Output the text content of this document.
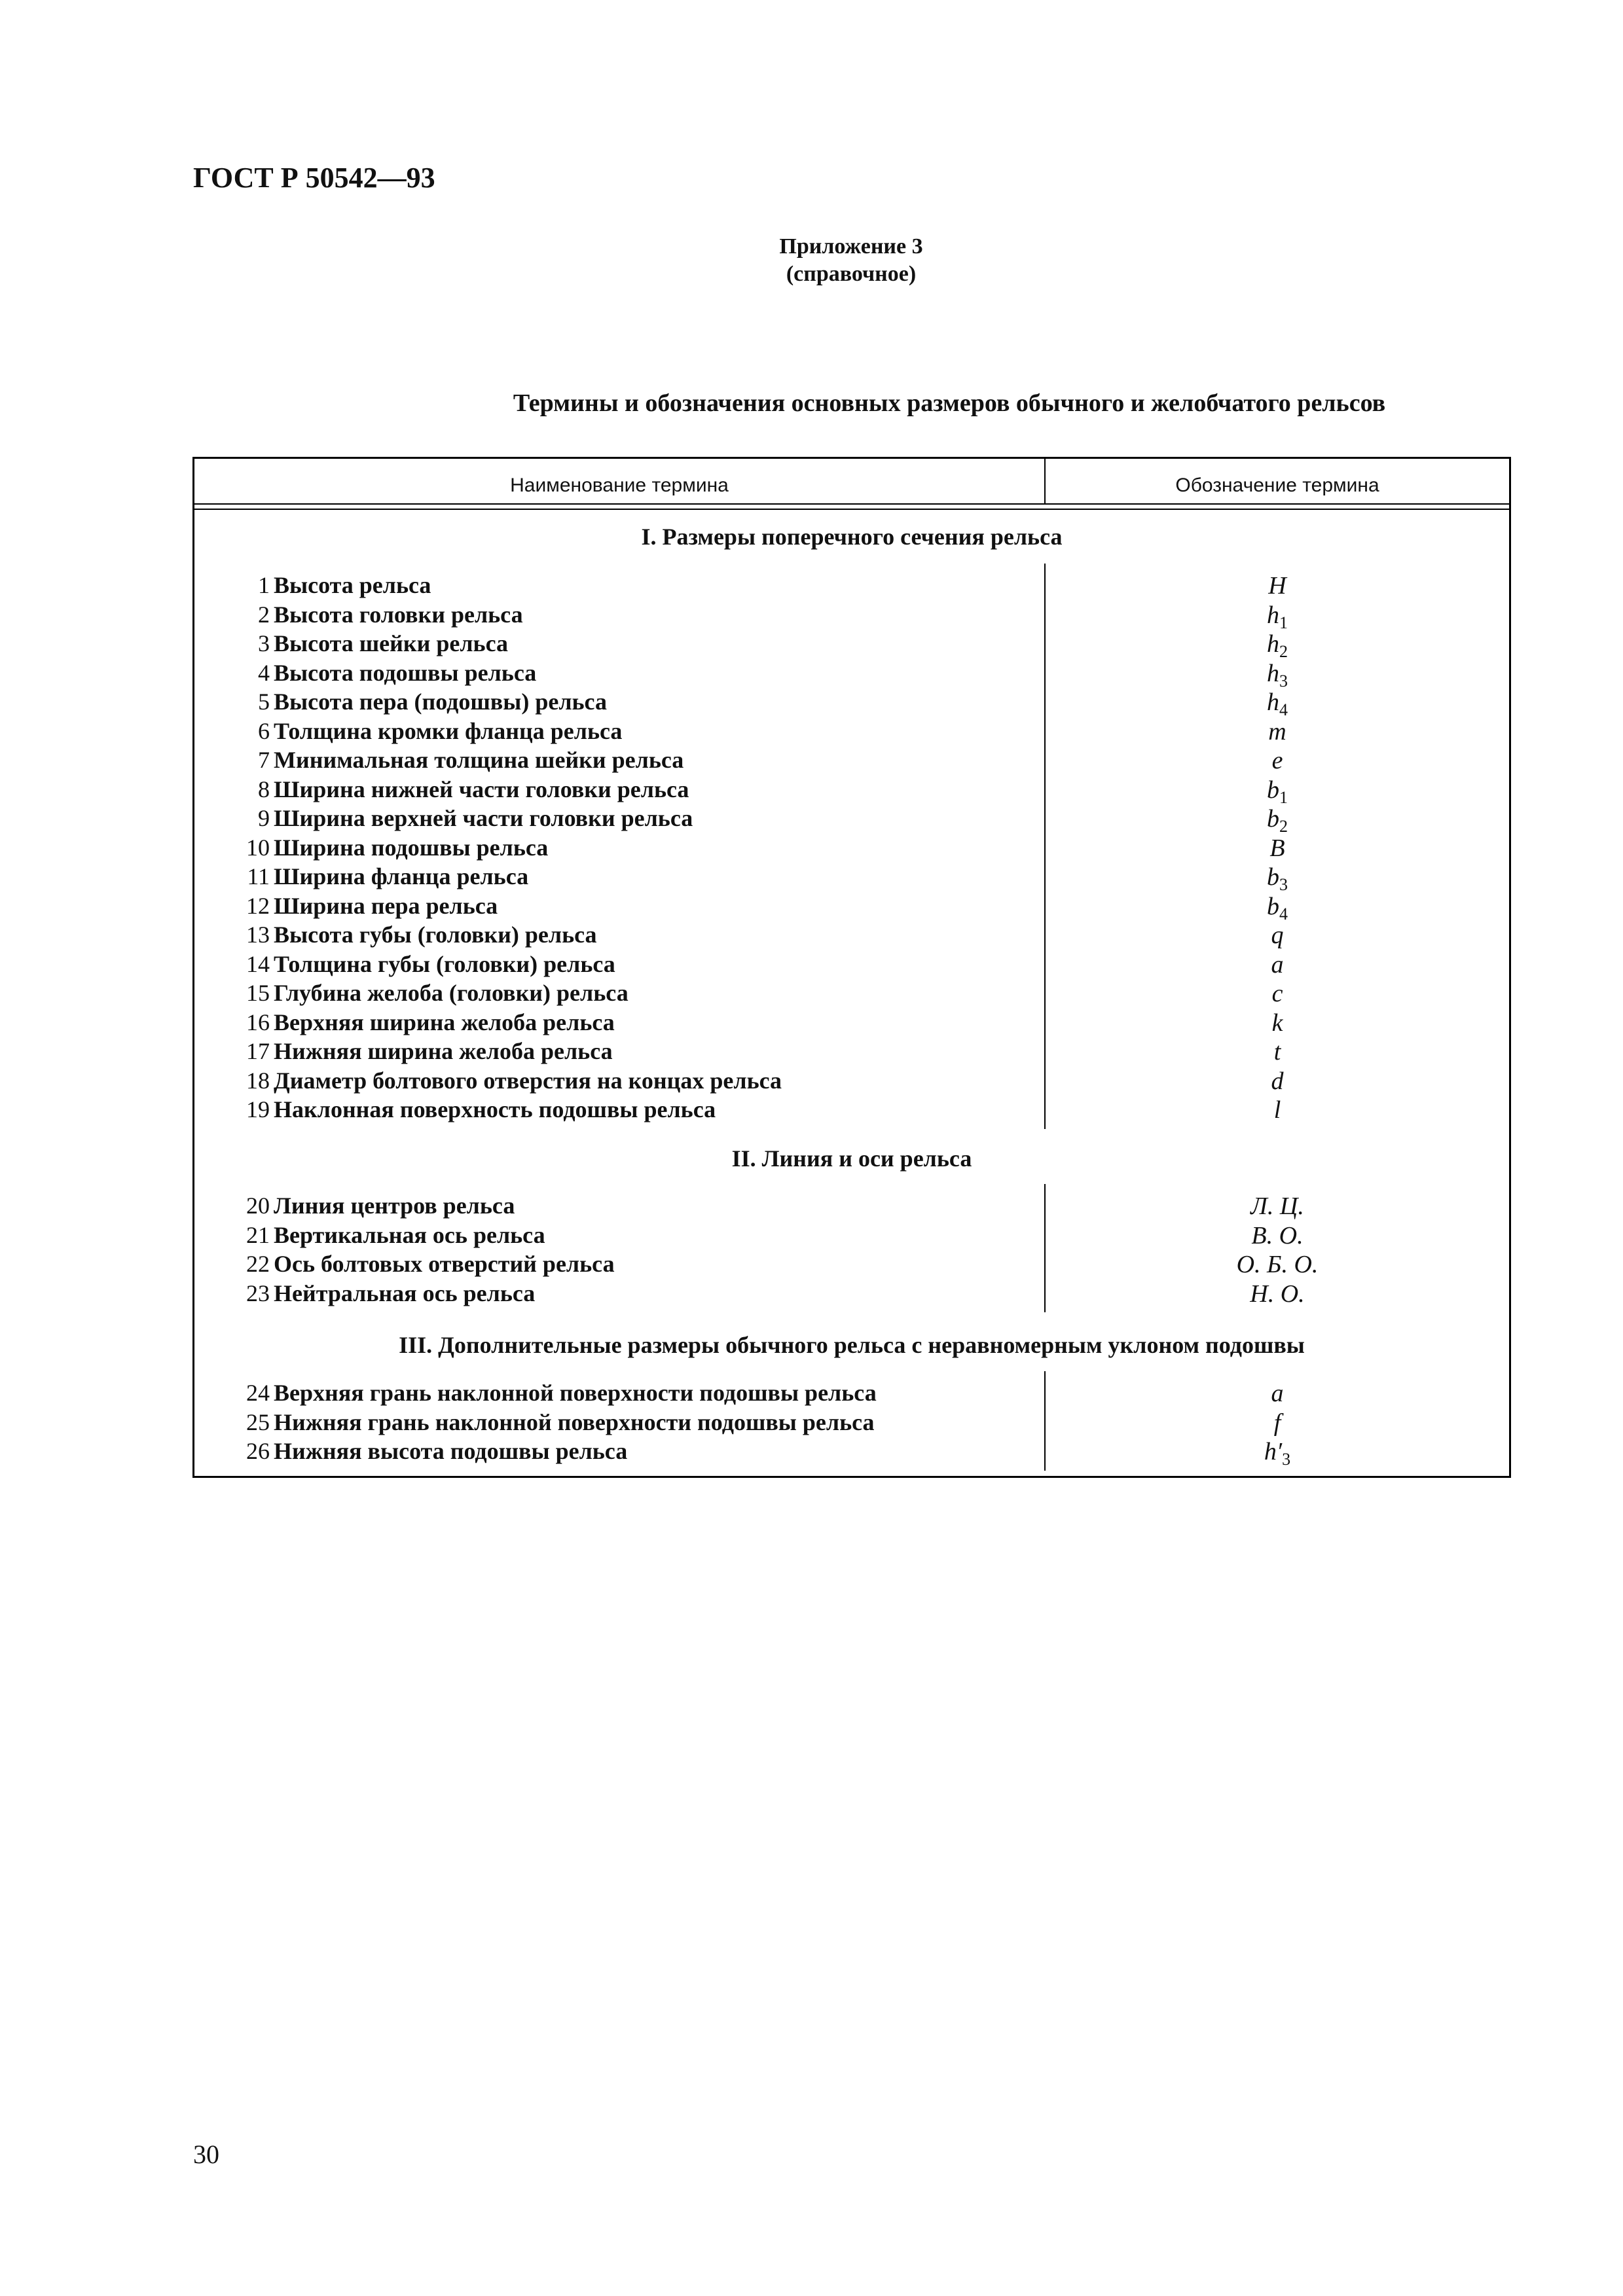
ГОСТ Р 50542—93
Приложение 3
(справочное)
Термины и обозначения основных размеров обычного и желобчатого рельсов
Наименование термина	Обозначение термина
I. Размеры поперечного сечения рельса
1 Высота рельса	H
2 Высота головки рельса	$h_1$
3 Высота шейки рельса	$h_2$
4 Высота подошвы рельса	$h_3$
5 Высота пера (подошвы) рельса	$h_4$
6 Толщина кромки фланца рельса	m
7 Минимальная толщина шейки рельса	e
8 Ширина нижней части головки рельса	$b_1$
9 Ширина верхней части головки рельса	$b_2$
10 Ширина подошвы рельса	B
11 Ширина фланца рельса	$b_3$
12 Ширина пера рельса	$b_4$
13 Высота губы (головки) рельса	q
14 Толщина губы (головки) рельса	a
15 Глубина желоба (головки) рельса	c
16 Верхняя ширина желоба рельса	k
17 Нижняя ширина желоба рельса	t
18 Диаметр болтового отверстия на концах рельса	d
19 Наклонная поверхность подошвы рельса	l
II. Линия и оси рельса
20 Линия центров рельса	Л. Ц.
21 Вертикальная ось рельса	В. О.
22 Ось болтовых отверстий рельса	О. Б. О.
23 Нейтральная ось рельса	Н. О.
III. Дополнительные размеры обычного рельса с неравномерным уклоном подошвы
24 Верхняя грань наклонной поверхности подошвы рельса	a
25 Нижняя грань наклонной поверхности подошвы рельса	f
26 Нижняя высота подошвы рельса	$h'_3$
30
